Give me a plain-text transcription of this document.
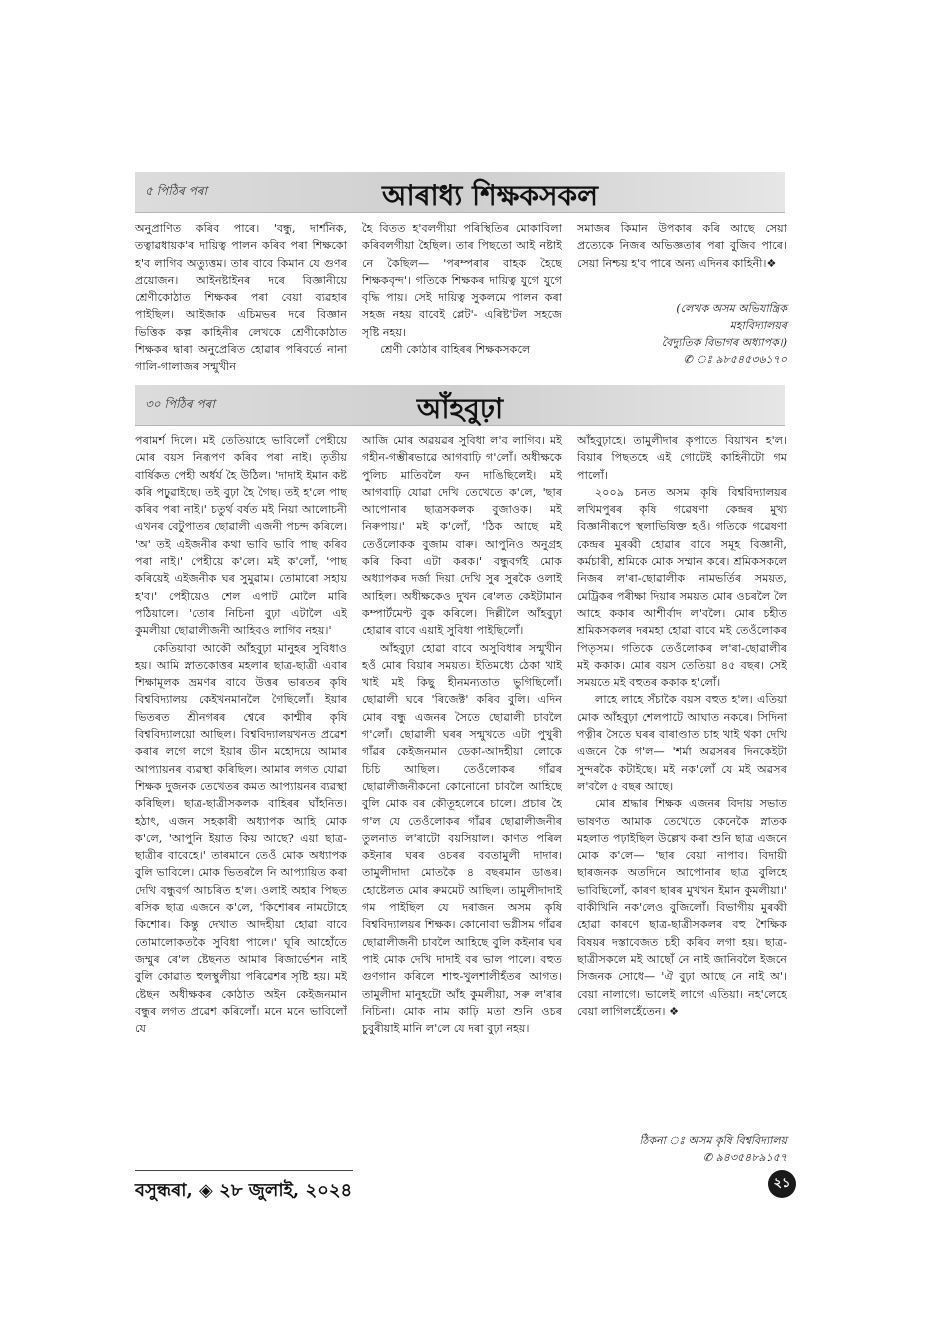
৫ পিঠিৰ পৰা	আৰাধ্য শিক্ষকসকল

অনুপ্ৰাণিত কৰিব পাৰে। 'বন্ধু, দাৰ্শনিক, তত্বাৱধায়ক'ৰ দায়িত্ব পালন কৰিব পৰা শিক্ষকো হ'ব লাগিব অত্যুত্তম। তাৰ বাবে কিমান যে গুণৰ প্ৰয়োজন। আইনষ্টাইনৰ দৰে বিজ্ঞানীয়ে শ্ৰেণীকোঠাত শিক্ষকৰ পৰা বেয়া ব্যৱহাৰ পাইছিল। আইজাক এচিমভৰ দৰে বিজ্ঞান ভিত্তিক কল্প কাহিনীৰ লেখকে শ্ৰেণীকোঠাত শিক্ষকৰ দ্বাৰা অনুপ্ৰেৰিত হোৱাৰ পৰিবৰ্তে নানা গালি-গালাজৰ সন্মুখীন

হৈ বিতত হ'বলগীয়া পৰিস্থিতিৰ মোকাবিলা কৰিবলগীয়া হৈছিল। তাৰ পিছতো আই নষ্টাই নে কৈছিল— 'পৰম্পৰাৰ বাহক হৈছে শিক্ষকবৃন্দ'। গতিকে শিক্ষকৰ দায়িত্ব যুগে যুগে বৃদ্ধি পায়। সেই দায়িত্ব সুকলমে পালন কৰা সহজ নহয় বাবেই প্লেট'- এৰিষ্ট'টল সহজে সৃষ্টি নহয়।

শ্ৰেণী কোঠাৰ বাহিৰৰ শিক্ষকসকলে

সমাজৰ কিমান উপকাৰ কৰি আছে সেয়া প্ৰত্যেকে নিজৰ অভিজ্ঞতাৰ পৰা বুজিব পাৰে। সেয়া নিশ্চয় হ'ব পাৰে অন্য এদিনৰ কাহিনী।❖

(লেখক অসম অভিযান্ত্ৰিক
মহাবিদ্যালয়ৰ
বৈদ্যুতিক বিভাগৰ অধ্যাপক।)
✆ ঃ ৯৮৫৪৫৩৬১৭০
৩০ পিঠিৰ পৰা	আঁহবুঢ়া

পৰামৰ্শ দিলে। মই তেতিয়াহে ভাবিলোঁ পেহীয়ে মোৰ বয়স নিৰূপণ কৰিব পৰা নাই। তৃতীয় বাৰ্ষিকত পেহী অৰ্ধৰ্য হৈ উঠিল। 'দাদাই ইমান কষ্ট কৰি পঢ়ুৱাইছে। তই বুঢ়া হৈ গৈছ। তই হ'লে পাছ কৰিব পৰা নাই।' চতুৰ্থ বৰ্ষত মই নিয়া আলোচনী এখনৰ বেটুপাতৰ ছোৱালী এজনী পচন্দ কৰিলে। 'অ' তই এইজনীৰ কথা ভাবি ভাবি পাছ কৰিব পৰা নাই।' পেহীয়ে ক'লে। মই ক'লোঁ, 'পাছ কৰিয়েই এইজনীক ঘৰ সুমুৱাম। তোমাৰো সহায় হ'ব।' পেহীয়েও শেল এপাট মোলৈ মাৰি পঠিয়ালে। 'তোৰ নিচিনা বুঢ়া এটালৈ এই কুমলীয়া ছোৱালীজনী আহিবও লাগিব নহয়।'

কেতিয়াবা আকৌ আঁহবুঢ়া মানুহৰ সুবিধাও হয়। আমি স্নাতকোত্তৰ মহলাৰ ছাত্ৰ-ছাত্ৰী এবাৰ শিক্ষামূলক ভ্ৰমণৰ বাবে উত্তৰ ভাৰতৰ কৃষি বিশ্ববিদ্যালয় কেইখনমানলৈ গৈছিলোঁ। ইয়াৰ ভিতৰত শ্ৰীনগৰৰ শ্বেৰে কাশ্মীৰ কৃষি বিশ্ববিদ্যালয়ো আছিল। বিশ্ববিদ্যালয়খনত প্ৰৱেশ কৰাৰ লগে লগে ইয়াৰ ডীন মহোদয়ে আমাৰ আপ্যায়নৰ ব্যৱস্থা কৰিছিল। আমাৰ লগত যোৱা শিক্ষক দুজনক তেখেতৰ কমত আপ্যায়নৰ ব্যৱস্থা কৰিছিল। ছাত্ৰ-ছাত্ৰীসকলক বাহিৰৰ ঘাঁহনিত। হঠাৎ, এজন সহকাৰী অধ্যাপক আহি মোক ক'লে, 'আপুনি ইয়াত কিয় আছে? এয়া ছাত্ৰ-ছাত্ৰীৰ বাবেহে।' তাৰমানে তেওঁ মোক অধ্যাপক বুলি ভাবিলে। মোক ভিতৰলৈ নি আপ্যায়িত কৰা দেখি বন্ধুবৰ্গ আচৰিত হ'ল। ওলাই অহাৰ পিছত ৰসিক ছাত্ৰ এজনে ক'লে, 'কিশোৰৰ নামটোহে কিশোৰ। কিন্তু দেখাত আদহীয়া হোৱা বাবে তোমালোকতকৈ সুবিধা পালে।' ঘূৰি আহোঁতে জম্মুৰ ৰে'ল ষ্টেছনত আমাৰ ৰিজাৰ্ভেশন নাই বুলি কোৱাত হুলস্থুলীয়া পৰিৱেশৰ সৃষ্টি হয়। মই ষ্টেছন অধীক্ষকৰ কোঠাত অইন কেইজনমান বন্ধুৰ লগত প্ৰৱেশ কৰিলোঁ। মনে মনে ভাবিলোঁ যে

আজি মোৰ অৱয়ৱৰ সুবিধা ল'ব লাগিব। মই গহীন-গম্ভীৰভাৱে আগবাঢ়ি গ'লোঁ। অধীক্ষকে পুলিচ মাতিবলৈ ফন দাঙিছিলেই। মই আগবাঢ়ি যোৱা দেখি তেখেতে ক'লে, 'ছাৰ আপোনাৰ ছাত্ৰসকলক বুজাওক। মই নিৰুপায়।' মই ক'লোঁ, 'ঠিক আছে মই তেওঁলোকক বুজাম বাৰু। আপুনিও অনুগ্ৰহ কৰি কিবা এটা কৰক।' বন্ধুবৰ্গই মোক অধ্যাপকৰ দৰ্জা দিয়া দেখি সুৰ সুৰকৈ ওলাই আহিল। অধীক্ষকেও দুখন ৰে'লত কেইটামান কম্পাৰ্টমেণ্ট বুক কৰিলে। দিল্লীলৈ আঁহবুঢ়া হোৱাৰ বাবে এয়াই সুবিধা পাইছিলোঁ।

আঁহবুঢ়া হোৱা বাবে অসুবিধাৰ সন্মুখীন হওঁ মোৰ বিয়াৰ সময়ত। ইতিমধ্যে ঠেকা খাই খাই মই কিছু হীনমন্যতাত ভুগিছিলোঁ। ছোৱালী ঘৰে 'ৰিজেক্ট' কৰিব বুলি। এদিন মোৰ বন্ধু এজনৰ সৈতে ছোৱালী চাবলৈ গ'লোঁ। ছোৱালী ঘৰৰ সন্মুখতে এটা পুখুৰী গাঁৱৰ কেইজনমান ডেকা-আদহীয়া লোকে চিচি আছিল। তেওঁলোকৰ গাঁৱৰ ছোৱালীজনীকনো কোনোনো চাবলৈ আহিছে বুলি মোক বৰ কৌতূহলেৰে চালে। প্ৰচাৰ হৈ গ'ল যে তেওঁলোকৰ গাঁৱৰ ছোৱালীজনীৰ তুলনাত ল'ৰাটো বয়সিয়াল। কাণত পৰিল কইনাৰ ঘৰৰ ওচৰৰ ববতামুলী দাদাৰ। তামুলীদাদা মোতকৈ ৪ বছৰমান ডাঙৰ। হোষ্টেলত মোৰ ৰুমমেট আছিল। তামুলীদাদাই গম পাইছিল যে দৰাজন অসম কৃষি বিশ্ববিদ্যালয়ৰ শিক্ষক। কোনোবা ভগ্নীসম গাঁৱৰ ছোৱালীজনী চাবলৈ আহিছে বুলি কইনাৰ ঘৰ পাই মোক দেখি দাদাই বৰ ভাল পালে। বহুত গুণগান কৰিলে শাহু-খুলশালীহঁতৰ আগত। তামুলীদা মানুহটো আঁহ কুমলীয়া, সৰু ল'ৰাৰ নিচিনা। মোক নাম কাঢ়ি মতা শুনি ওচৰ চুবুৰীয়াই মানি ল'লে যে দৰা বুঢ়া নহয়।

আঁহবুঢ়াহে। তামুলীদাৰ কৃপাতে বিয়াখন হ'ল। বিয়াৰ পিছতহে এই গোটেই কাহিনীটো গম পালোঁ।

২০০৯ চনত অসম কৃষি বিশ্ববিদ্যালয়ৰ লখিমপুৰৰ কৃষি গৱেষণা কেন্দ্ৰৰ মুখ্য বিজ্ঞানীৰূপে স্থলাভিষিক্ত হওঁ। গতিকে গৱেষণা কেন্দ্ৰৰ মুৰব্বী হোৱাৰ বাবে সমূহ বিজ্ঞানী, কৰ্মচাৰী, শ্ৰমিকে মোক সম্মান কৰে। শ্ৰমিকসকলে নিজৰ ল'ৰা-ছোৱালীক নামভৰ্তিৰ সময়ত, মেট্ৰিকৰ পৰীক্ষা দিয়াৰ সময়ত মোৰ ওচৰলৈ লৈ আহে ককাৰ আশীৰ্বাদ ল'বলৈ। মোৰ চহীত শ্ৰমিকসকলৰ দৰমহা হোৱা বাবে মই তেওঁলোকৰ পিতৃসম। গতিকে তেওঁলোকৰ ল'ৰা-ছোৱালীৰ মই ককাক। মোৰ বয়স তেতিয়া ৪৫ বছৰ। সেই সময়তে মই বহুতৰ ককাক হ'লোঁ।

লাহে লাহে সঁচাকৈ বয়স বহুত হ'ল। এতিয়া মোক আঁহবুঢ়া শেলপাটে আঘাত নকৰে। সিদিনা পত্নীৰ সৈতে ঘৰৰ বাৰাণ্ডাত চাহ খাই থকা দেখি এজনে কৈ গ'ল— 'শৰ্মা অৱসৰৰ দিনকেইটা সুন্দৰকৈ কটাইছে। মই নক'লোঁ যে মই অৱসৰ ল'বলৈ ৫ বছৰ আছে।

মোৰ শ্ৰদ্ধাৰ শিক্ষক এজনৰ বিদায় সভাত ভাষণত আমাক তেখেতে কেনেকৈ স্নাতক মহলাত পঢ়াইছিল উল্লেখ কৰা শুনি ছাত্ৰ এজনে মোক ক'লে— 'ছাৰ বেয়া নাপাব। বিদায়ী ছাৰজনক অতদিনে আপোনাৰ ছাত্ৰ বুলিহে ভাবিছিলোঁ, কাৰণ ছাৰৰ মুখখন ইমান কুমলীয়া।' বাকীখিনি নক'লেও বুজিলোঁ। বিভাগীয় মুৰব্বী হোৱা কাৰণে ছাত্ৰ-ছাত্ৰীসকলৰ বহু শৈক্ষিক বিষয়ৰ দস্তাবেজত চহী কৰিব লগা হয়। ছাত্ৰ-ছাত্ৰীসকলে মই আছোঁ নে নাই জানিবলৈ ইজনে সিজনক সোধে— 'ঐ বুঢ়া আছে নে নাই অ'। বেয়া নালাগে। ভালেই লাগে এতিয়া। নহ'লেহে বেয়া লাগিলহেঁতেন। ❖

ঠিকনা ঃ অসম কৃষি বিশ্ববিদ্যালয়
✆ ৯৪৩৫৪৮৯১৫৭
বসুন্ধৰা, ◈ ২৮ জুলাই, ২০২৪	২১
